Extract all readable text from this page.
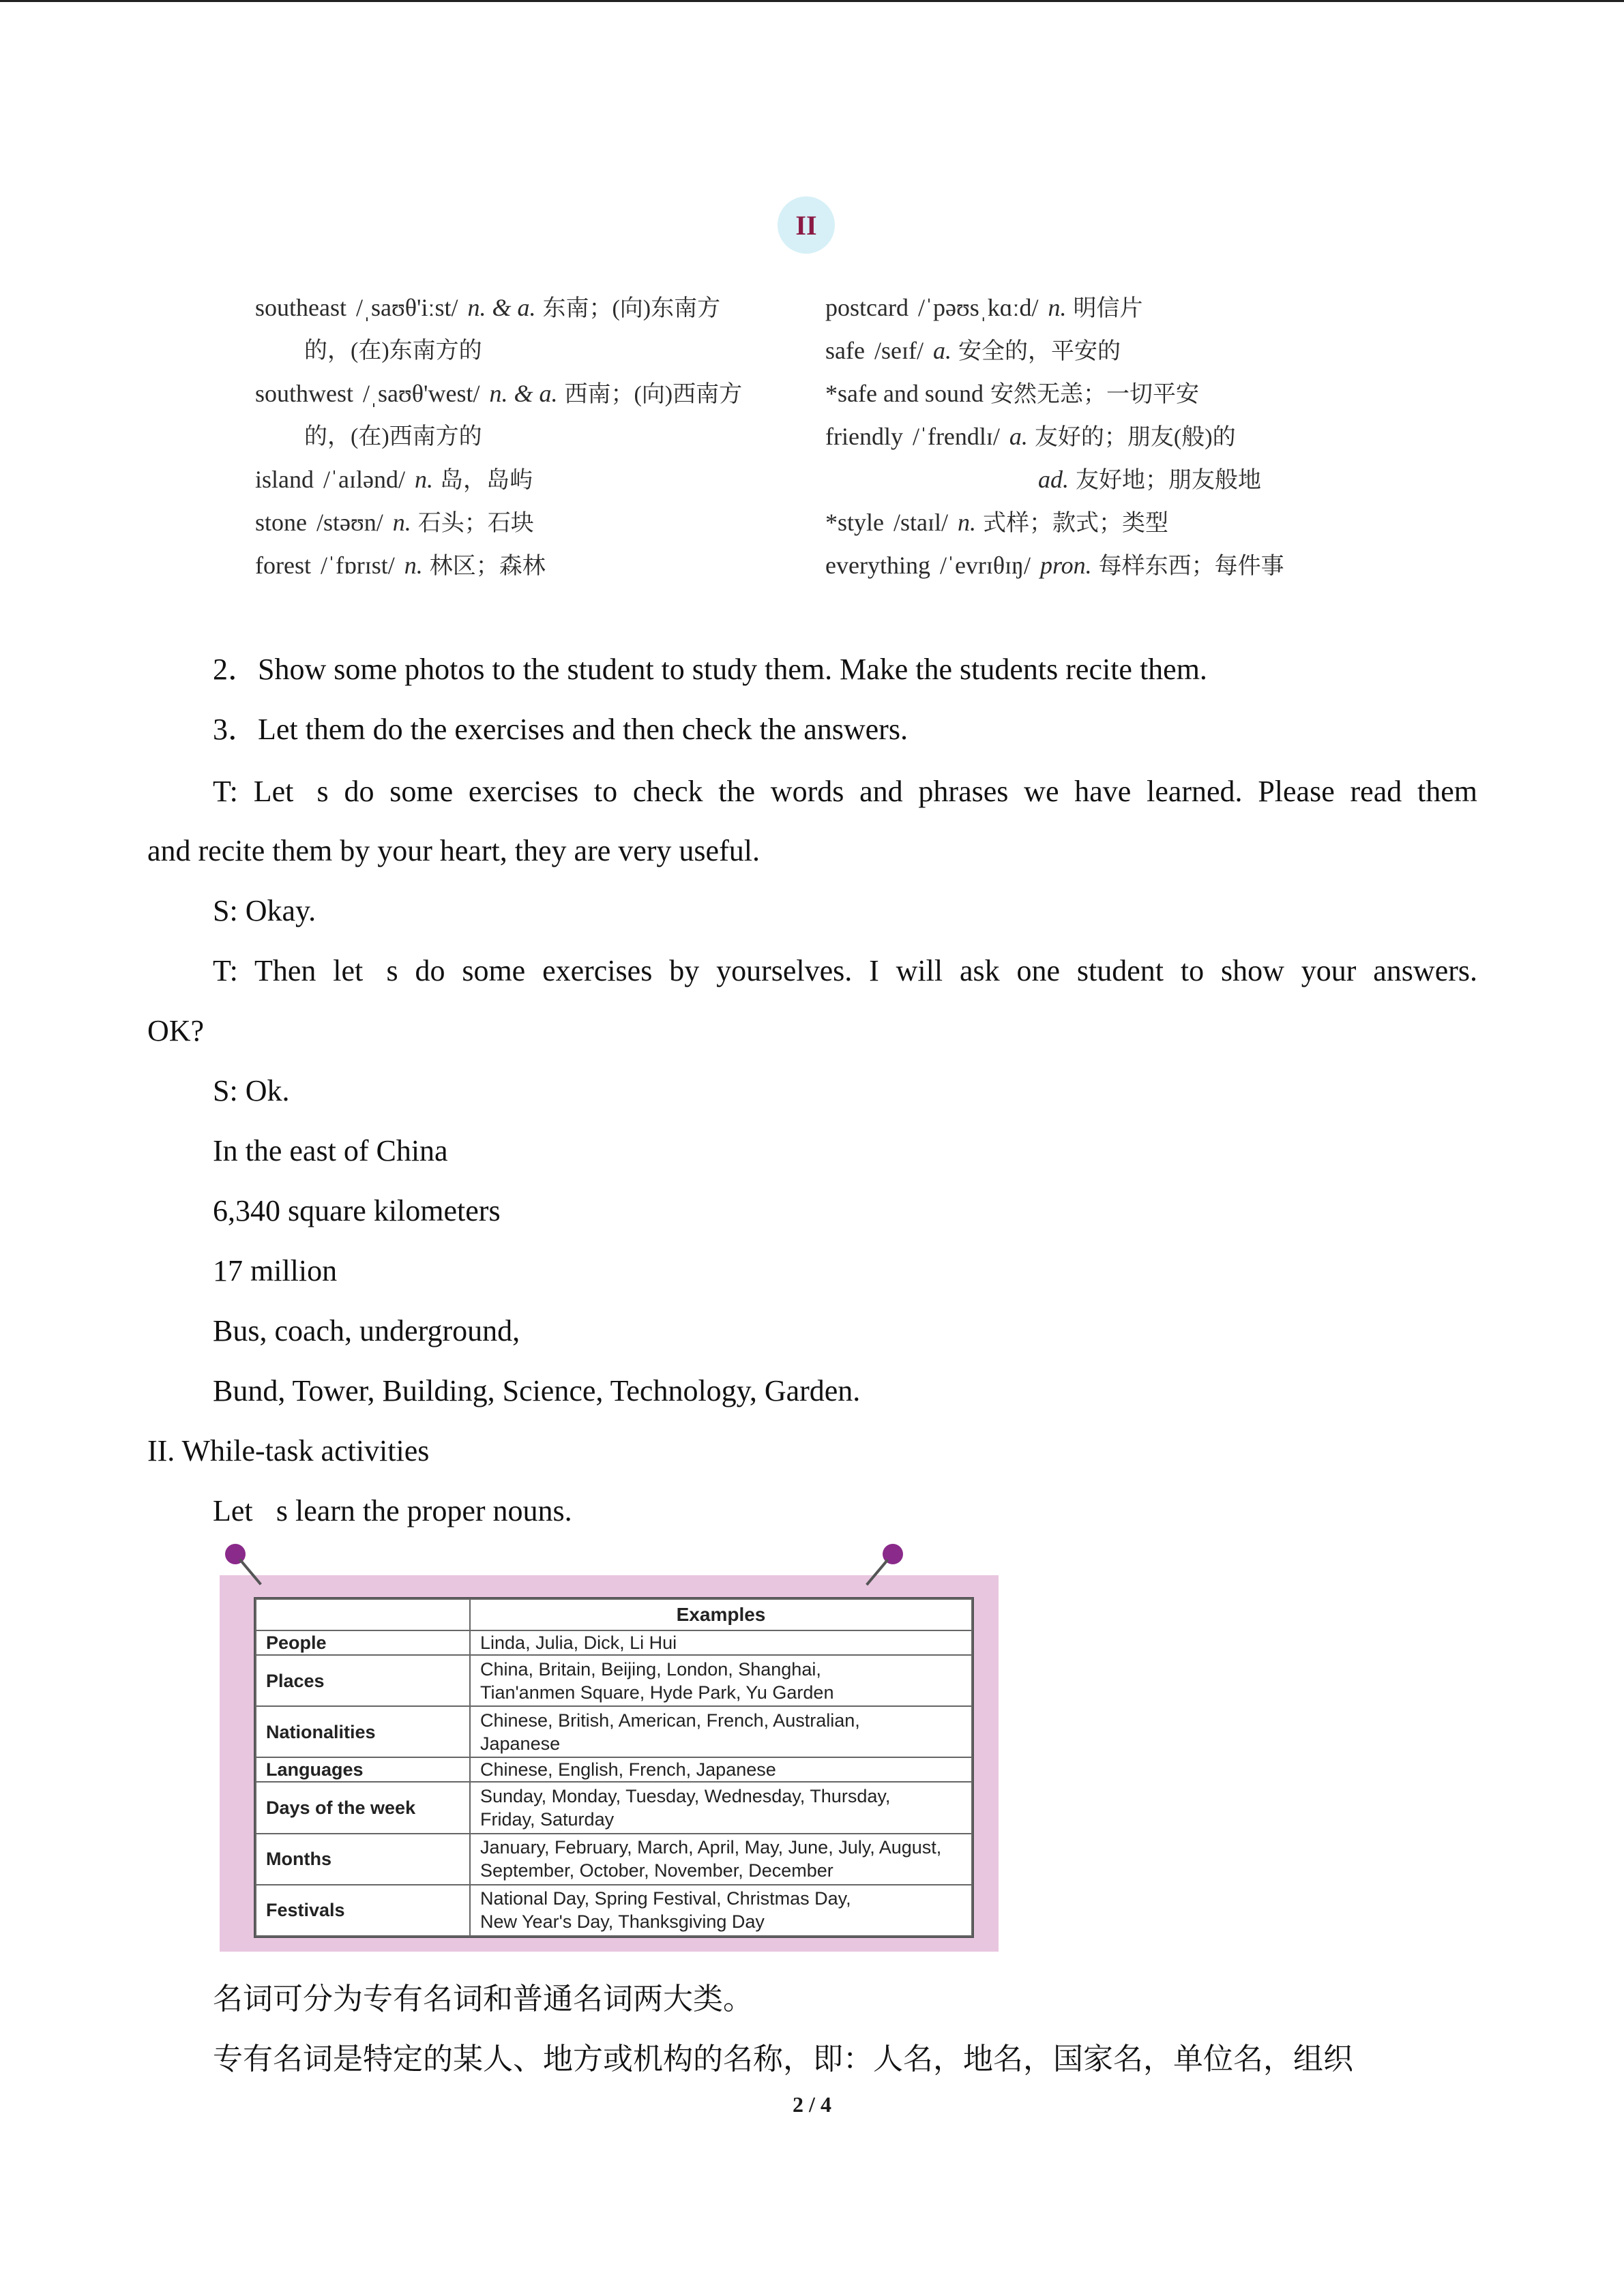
II
southeast /ˌsaʊθ'iːst/ n. & a. 东南；(向)东南方
的，(在)东南方的
southwest /ˌsaʊθ'west/ n. & a. 西南；(向)西南方
的，(在)西南方的
island /ˈaɪlənd/ n. 岛，岛屿
stone /stəʊn/ n. 石头；石块
forest /ˈfɒrɪst/ n. 林区；森林
postcard /ˈpəʊsˌkɑːd/ n. 明信片
safe /seɪf/ a. 安全的，平安的
*safe and sound 安然无恙；一切平安
friendly /ˈfrendlɪ/ a. 友好的；朋友(般)的
ad. 友好地；朋友般地
*style /staɪl/ n. 式样；款式；类型
everything /ˈevrɪθɪŋ/ pron. 每样东西；每件事
2．Show some photos to the student to study them. Make the students recite them.
3．Let them do the exercises and then check the answers.
T: Let s do some exercises to check the words and phrases we have learned. Please read them
and recite them by your heart, they are very useful.
S: Okay.
T: Then let s do some exercises by yourselves. I will ask one student to show your answers.
OK?
S: Ok.
In the east of China
6,340 square kilometers
17 million
Bus, coach, underground,
Bund, Tower, Building, Science, Technology, Garden.
II. While-task activities
Let s learn the proper nouns.
	Examples
People	Linda, Julia, Dick, Li Hui

Places	China, Britain, Beijing, London, Shanghai,
Tian'anmen Square, Hyde Park, Yu Garden

Nationalities	Chinese, British, American, French, Australian,
Japanese

Languages	Chinese, English, French, Japanese

Days of the week	Sunday, Monday, Tuesday, Wednesday, Thursday,
Friday, Saturday

Months	January, February, March, April, May, June, July, August,
September, October, November, December

Festivals	National Day, Spring Festival, Christmas Day,
New Year's Day, Thanksgiving Day
名词可分为专有名词和普通名词两大类。
专有名词是特定的某人、地方或机构的名称，即：人名，地名，国家名，单位名，组织
2 / 4
